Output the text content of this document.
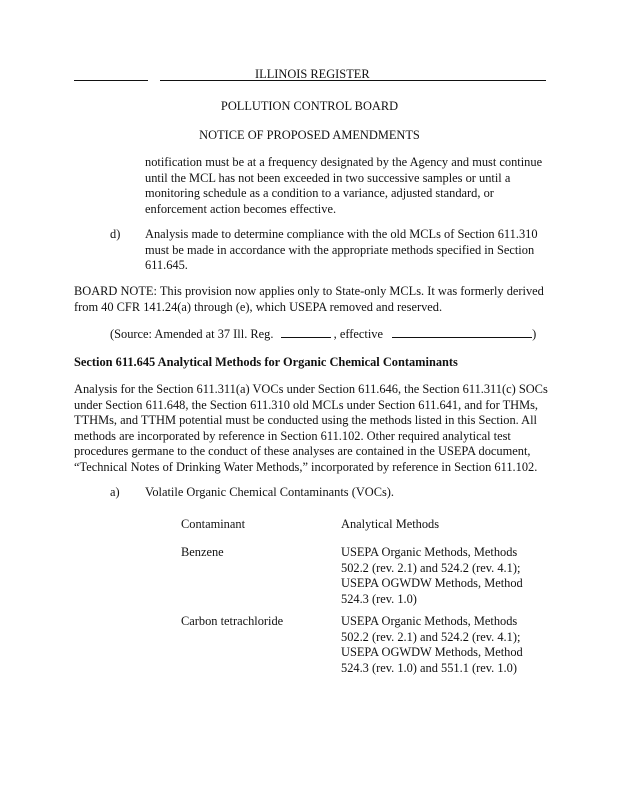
ILLINOIS REGISTER
POLLUTION CONTROL BOARD
NOTICE OF PROPOSED AMENDMENTS
notification must be at a frequency designated by the Agency and must continue
until the MCL has not been exceeded in two successive samples or until a
monitoring schedule as a condition to a variance, adjusted standard, or
enforcement action becomes effective.
d) Analysis made to determine compliance with the old MCLs of Section 611.310
must be made in accordance with the appropriate methods specified in Section
611.645.
BOARD NOTE: This provision now applies only to State-only MCLs. It was formerly derived
from 40 CFR 141.24(a) through (e), which USEPA removed and reserved.
(Source: Amended at 37 Ill. Reg.	, effective	)
Section 611.645 Analytical Methods for Organic Chemical Contaminants
Analysis for the Section 611.311(a) VOCs under Section 611.646, the Section 611.311(c) SOCs
under Section 611.648, the Section 611.310 old MCLs under Section 611.641, and for THMs,
TTHMs, and TTHM potential must be conducted using the methods listed in this Section. All
methods are incorporated by reference in Section 611.102. Other required analytical test
procedures germane to the conduct of these analyses are contained in the USEPA document,
“Technical Notes of Drinking Water Methods,” incorporated by reference in Section 611.102.
a) Volatile Organic Chemical Contaminants (VOCs).
Contaminant	Analytical Methods
Benzene	USEPA Organic Methods, Methods
502.2 (rev. 2.1) and 524.2 (rev. 4.1);
USEPA OGWDW Methods, Method
524.3 (rev. 1.0)
Carbon tetrachloride	USEPA Organic Methods, Methods
502.2 (rev. 2.1) and 524.2 (rev. 4.1);
USEPA OGWDW Methods, Method
524.3 (rev. 1.0) and 551.1 (rev. 1.0)
